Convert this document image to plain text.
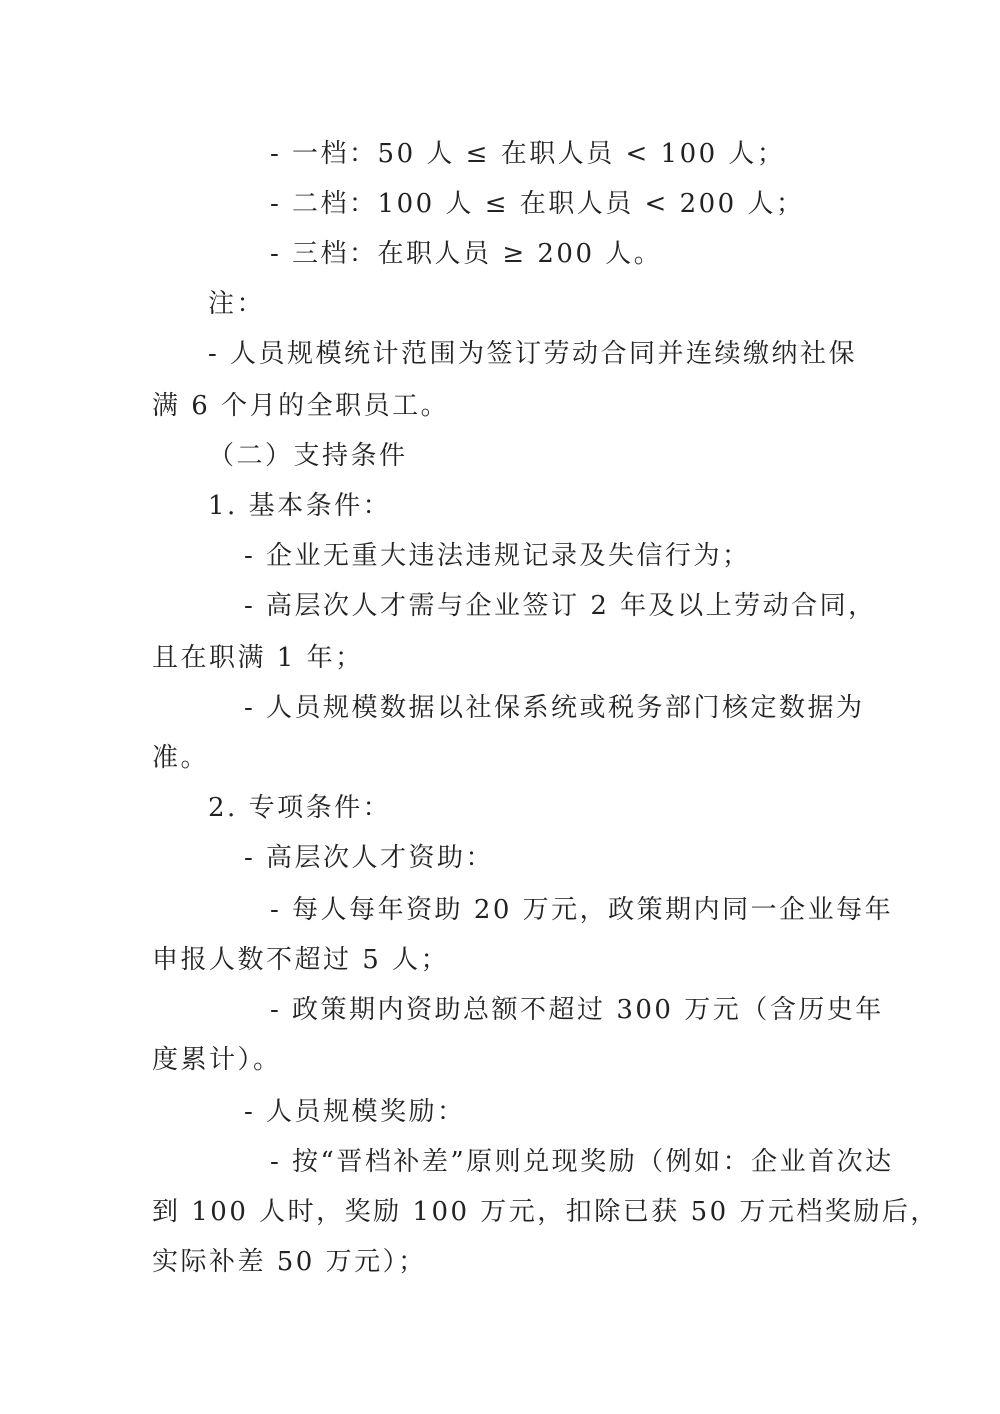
- 一档：50 人 ≤ 在职人员 < 100 人；
- 二档：100 人 ≤ 在职人员 < 200 人；
- 三档：在职人员 ≥ 200 人。
注：
- 人员规模统计范围为签订劳动合同并连续缴纳社保
满 6 个月的全职员工。
（二）支持条件
1. 基本条件：
- 企业无重大违法违规记录及失信行为；
- 高层次人才需与企业签订 2 年及以上劳动合同，
且在职满 1 年；
- 人员规模数据以社保系统或税务部门核定数据为
准。
2. 专项条件：
- 高层次人才资助：
- 每人每年资助 20 万元，政策期内同一企业每年
申报人数不超过 5 人；
- 政策期内资助总额不超过 300 万元（含历史年
度累计）。
- 人员规模奖励：
- 按“晋档补差”原则兑现奖励（例如：企业首次达
到 100 人时，奖励 100 万元，扣除已获 50 万元档奖励后，
实际补差 50 万元）；
